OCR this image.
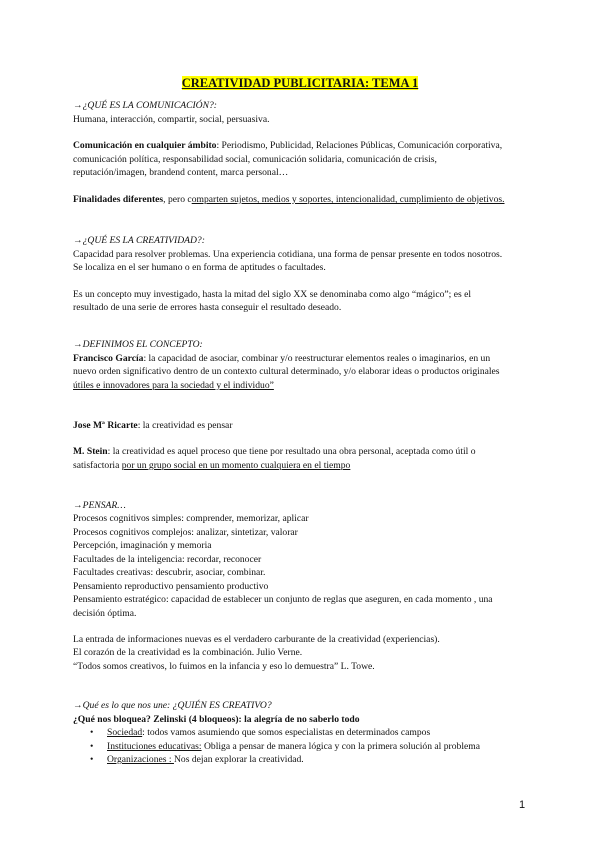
CREATIVIDAD PUBLICITARIA: TEMA 1
→¿QUÉ ES LA COMUNICACIÓN?:
Humana, interacción, compartir, social, persuasiva.
Comunicación en cualquier ámbito: Periodismo, Publicidad, Relaciones Públicas, Comunicación corporativa,
comunicación política, responsabilidad social, comunicación solidaria, comunicación de crisis,
reputación/imagen, brandend content, marca personal…
Finalidades diferentes, pero comparten sujetos, medios y soportes, intencionalidad, cumplimiento de objetivos.
→¿QUÉ ES LA CREATIVIDAD?:
Capacidad para resolver problemas. Una experiencia cotidiana, una forma de pensar presente en todos nosotros.
Se localiza en el ser humano o en forma de aptitudes o facultades.
Es un concepto muy investigado, hasta la mitad del siglo XX se denominaba como algo “mágico”; es el
resultado de una serie de errores hasta conseguir el resultado deseado.
→DEFINIMOS EL CONCEPTO:
Francisco García: la capacidad de asociar, combinar y/o reestructurar elementos reales o imaginarios, en un
nuevo orden significativo dentro de un contexto cultural determinado, y/o elaborar ideas o productos originales
útiles e innovadores para la sociedad y el individuo”
Jose Mª Ricarte: la creatividad es pensar
M. Stein: la creatividad es aquel proceso que tiene por resultado una obra personal, aceptada como útil o
satisfactoria por un grupo social en un momento cualquiera en el tiempo
→PENSAR…
Procesos cognitivos simples: comprender, memorizar, aplicar
Procesos cognitivos complejos: analizar, sintetizar, valorar
Percepción, imaginación y memoria
Facultades de la inteligencia: recordar, reconocer
Facultades creativas: descubrir, asociar, combinar.
Pensamiento reproductivo pensamiento productivo
Pensamiento estratégico: capacidad de establecer un conjunto de reglas que aseguren, en cada momento , una
decisión óptima.
La entrada de informaciones nuevas es el verdadero carburante de la creatividad (experiencias).
El corazón de la creatividad es la combinación. Julio Verne.
“Todos somos creativos, lo fuimos en la infancia y eso lo demuestra” L. Towe.
→Qué es lo que nos une: ¿QUIÉN ES CREATIVO?
¿Qué nos bloquea? Zelinski (4 bloqueos): la alegría de no saberlo todo
• Sociedad: todos vamos asumiendo que somos especialistas en determinados campos
• Instituciones educativas: Obliga a pensar de manera lógica y con la primera solución al problema
• Organizaciones : Nos dejan explorar la creatividad.
1
